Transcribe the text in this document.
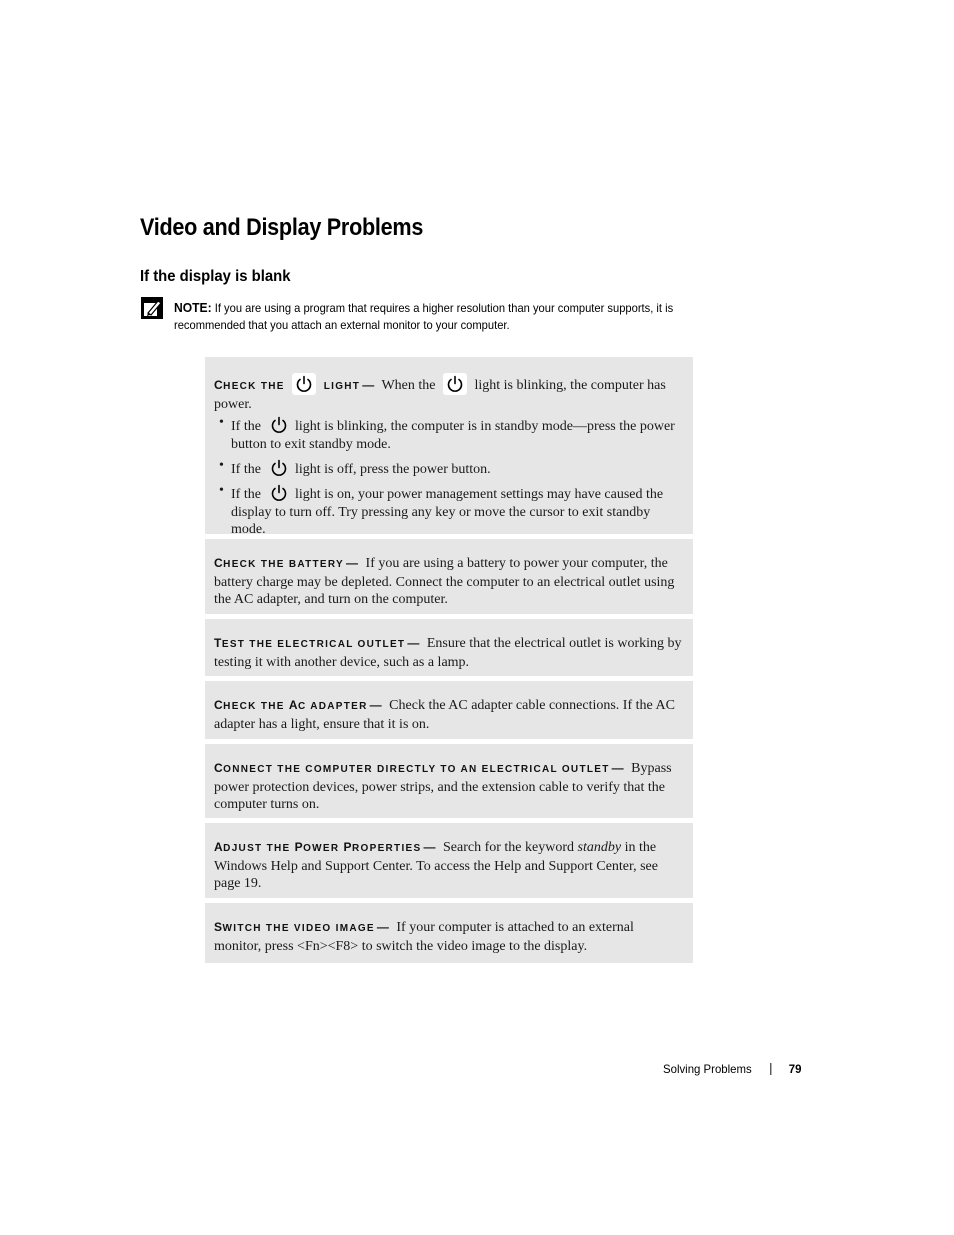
Video and Display Problems
If the display is blank
NOTE: If you are using a program that requires a higher resolution than your computer supports, it is recommended that you attach an external monitor to your computer.
CHECK THE	LIGHT — When the	light is blinking, the computer has power.
• If the light is blinking, the computer is in standby mode—press the power button to exit standby mode.
• If the light is off, press the power button.
• If the light is on, your power management settings may have caused the display to turn off. Try pressing any key or move the cursor to exit standby mode.
CHECK THE BATTERY — If you are using a battery to power your computer, the battery charge may be depleted. Connect the computer to an electrical outlet using the AC adapter, and turn on the computer.
TEST THE ELECTRICAL OUTLET — Ensure that the electrical outlet is working by testing it with another device, such as a lamp.
CHECK THE AC ADAPTER — Check the AC adapter cable connections. If the AC adapter has a light, ensure that it is on.
CONNECT THE COMPUTER DIRECTLY TO AN ELECTRICAL OUTLET — Bypass power protection devices, power strips, and the extension cable to verify that the computer turns on.
ADJUST THE POWER PROPERTIES — Search for the keyword standby in the Windows Help and Support Center. To access the Help and Support Center, see page 19.
SWITCH THE VIDEO IMAGE — If your computer is attached to an external monitor, press <Fn><F8> to switch the video image to the display.
Solving Problems	79
